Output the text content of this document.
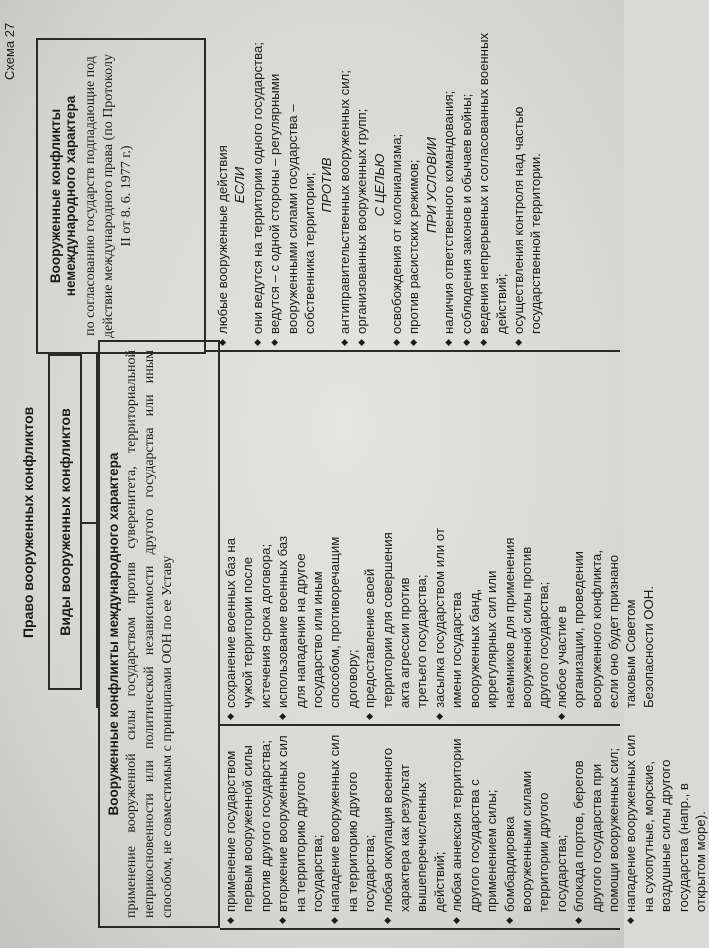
Схема 27
Право вооруженных конфликтов	Виды вооруженных конфликтов	Вооруженные конфликты международного характера применение вооруженной силы государством против суверенитета, территориальной неприкосновенности или политической независимости другого государства или иным способом, не совместимым с принципами ООН по ее Уставу
Вооруженные конфликты немеждународного характера по согласованию государств подпадающие под действие международного права (по Протоколу II от 8. 6. 1977 г.)
◆ применение государством первым вооруженной силы против другого государства; ◆ вторжение вооруженных сил на территорию другого государства; ◆ нападение вооруженных сил на территорию другого государства; ◆ любая оккупация военного характера как результат вышеперечисленных действий; ◆ любая аннексия территории другого государства с применением силы; ◆ бомбардировка вооруженными силами территории другого государства; ◆ блокада портов, берегов другого государства при помощи вооруженных сил; ◆ нападение вооруженных сил на сухопутные, морские, воздушные силы другого государства (напр., в открытом море).
◆ сохранение военных баз на чужой территории после истечения срока договора; ◆ использование военных баз для нападения на другое государство или иным способом, противоречащим договору; ◆ предоставление своей территории для совершения акта агрессии против третьего государства; ◆ засылка государством или от имени государства вооруженных банд, иррегулярных сил или наемников для применения вооруженной силы против другого государства; ◆ любое участие в организации, проведении вооруженного конфликта, если оно будет признано таковым Советом Безопасности ООН.
◆ любые вооруженные действия ЕСЛИ ◆ они ведутся на территории одного государства; ◆ ведутся – с одной стороны – регулярными вооруженными силами государства – собственника территории; ПРОТИВ ◆ антиправительственных вооруженных сил; ◆ организованных вооруженных групп; С ЦЕЛЬЮ ◆ освобождения от колониализма; ◆ против расистских режимов; ПРИ УСЛОВИИ ◆ наличия ответственного командования; ◆ соблюдения законов и обычаев войны; ◆ ведения непрерывных и согласованных военных действий; ◆ осуществления контроля над частью государственной территории.
